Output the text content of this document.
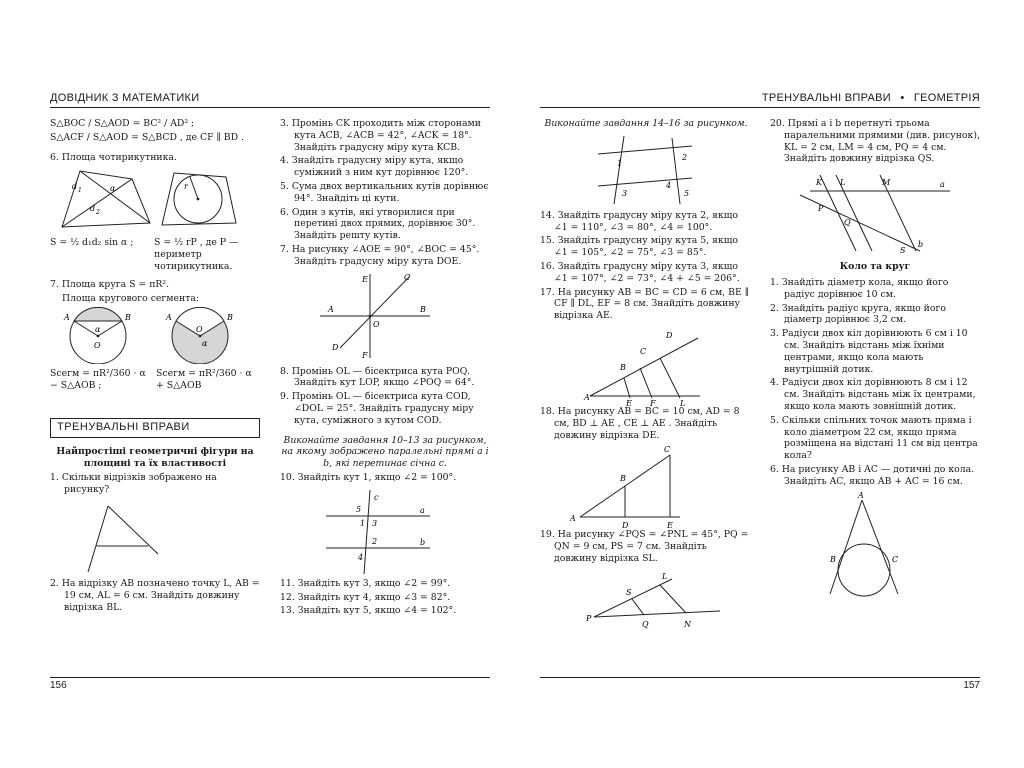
ДОВІДНИК З МАТЕМАТИКИ
S△BOC / S△AOD = BC² / AD² ;
S△ACF / S△AOD = S△BCD , де CF ∥ BD .
6. Площа чотирикутника.
d 1	α
d 2
r
S = ½ d₁d₂ sin α ;	S = ½ rP , де P — периметр чотирикутника.
7. Площа круга S = πR².
Площа кругового сегмента:
A	B
α
O
A
O
B
α
Sсегм = πR²/360 · α − S△AOB ;
Sсегм = πR²/360 · α + S△AOB
ТРЕНУВАЛЬНІ ВПРАВИ
Найпростіші геометричні фігури на площині та їх властивості
1. Скільки відрізків зображено на рисунку?
2. На відрізку AB позначено точку L, AB = 19 см, AL = 6 см. Знайдіть довжину відрізка BL.
3. Промінь CK проходить між сторонами кута ACB, ∠ACB = 42°, ∠ACK = 18°. Знайдіть градусну міру кута KCB.
4. Знайдіть градусну міру кута, якщо суміжний з ним кут дорівнює 120°.
5. Сума двох вертикальних кутів дорівнює 94°. Знайдіть ці кути.
6. Один з кутів, які утворилися при перетині двох прямих, дорівнює 30°. Знайдіть решту кутів.
7. На рисунку ∠AOE = 90°, ∠BOC = 45°. Знайдіть градусну міру кута DOE.
E	C
A	B
O
D
F
8. Промінь OL — бісектриса кута POQ. Знайдіть кут LOP, якщо ∠POQ = 64°.
9. Промінь OL — бісектриса кута COD, ∠DOL = 25°. Знайдіть градусну міру кута, суміжного з кутом COD.
Виконайте завдання 10–13 за рисунком, на якому зображено паралельні прямі a і b, які перетинає січна c.
10. Знайдіть кут 1, якщо ∠2 = 100°.
c
5
1 3
a
2	b
4
11. Знайдіть кут 3, якщо ∠2 = 99°.
12. Знайдіть кут 4, якщо ∠3 = 82°.
13. Знайдіть кут 5, якщо ∠4 = 102°.
156
ТРЕНУВАЛЬНІ ВПРАВИ • ГЕОМЕТРІЯ
Виконайте завдання 14–16 за рисунком.
1
2
3
4
5
14. Знайдіть градусну міру кута 2, якщо ∠1 = 110°, ∠3 = 80°, ∠4 = 100°.
15. Знайдіть градусну міру кута 5, якщо ∠1 = 105°, ∠2 = 75°, ∠3 = 85°.
16. Знайдіть градусну міру кута 3, якщо ∠1 = 107°, ∠2 = 73°, ∠4 + ∠5 = 206°.
17. На рисунку AB = BC = CD = 6 см, BE ∥ CF ∥ DL, EF = 8 см. Знайдіть довжину відрізка AE.
D
C
B
A
E F	L
18. На рисунку AB = BC = 10 см, AD = 8 см, BD ⊥ AE , CE ⊥ AE . Знайдіть довжину відрізка DE.
C
B
A
D	E
19. На рисунку ∠PQS = ∠PNL = 45°, PQ = QN = 9 см, PS = 7 см. Знайдіть довжину відрізка SL.
L
S
P
Q	N
20. Прямі a і b перетнуті трьома паралельними прямими (див. рисунок), KL = 2 см, LM = 4 см, PQ = 4 см. Знайдіть довжину відрізка QS.
K L	M	a
P
Q
S
b
Коло та круг
1. Знайдіть діаметр кола, якщо його радіус дорівнює 10 см.
2. Знайдіть радіус круга, якщо його діаметр дорівнює 3,2 см.
3. Радіуси двох кіл дорівнюють 6 см і 10 см. Знайдіть відстань між їхніми центрами, якщо кола мають внутрішній дотик.
4. Радіуси двох кіл дорівнюють 8 см і 12 см. Знайдіть відстань між їх центрами, якщо кола мають зовнішній дотик.
5. Скільки спільних точок мають пряма і коло діаметром 22 см, якщо пряма розміщена на відстані 11 см від центра кола?
6. На рисунку AB і AC — дотичні до кола. Знайдіть AC, якщо AB + AC = 16 см.
A
B	C
157
